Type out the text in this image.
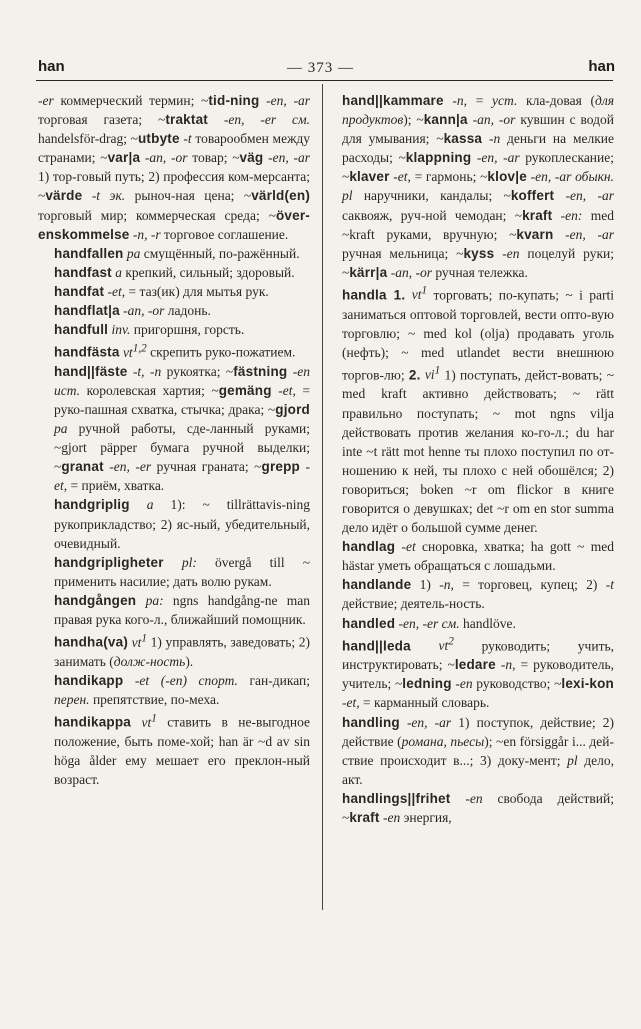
han	— 373 —	han
-er коммерческий термин; ~tid-ning -en, -ar торговая газета; ~traktat -en, -er см. handelsför-drag; ~utbyte -t товарообмен между странами; ~var|a -an, -or товар; ~väg -en, -ar 1) тор-говый путь; 2) профессия ком-мерсанта; ~värde -t эк. рыноч-ная цена; ~värld(en) торговый мир; коммерческая среда; ~över-enskommelse -n, -r торговое соглашение.
handfallen pa смущённый, по-ражённый.
handfast a крепкий, сильный; здоровый.
handfat -et, = таз(ик) для мытья рук.
handflat|a -an, -or ладонь.
handfull inv. пригоршня, горсть.
handfästa vt$^{1,2}$ скрепить руко-пожатием.
hand||fäste -t, -n рукоятка; ~fästning -en ист. королевская хартия; ~gemäng -et, = руко-пашная схватка, стычка; драка; ~gjord pa ручной работы, сде-ланный руками; ~gjort päpper бумага ручной выделки; ~granat -en, -er ручная граната; ~grepp -et, = приём, хватка.
handgriplig a 1): ~ tillrättavis-ning рукоприкладство; 2) яс-ный, убедительный, очевидный.
handgripligheter pl: övergå till ~ применить насилие; дать волю рукам.
handgången pa: ngns handgång-ne man правая рука кого-л., ближайший помощник.
handha(va) $vt^1$ 1) управлять, заведовать; 2) занимать (долж-ность).
handikapp -et (-en) спорт. ган-дикап; перен. препятствие, по-меха.
handikappa $vt^1$ ставить в не-выгодное положение, быть поме-хой; han är ~d av sin höga ålder ему мешает его преклон-ный возраст.
hand||kammare -n, = уст. кла-довая (для продуктов); ~kann|a -an, -or кувшин с водой для умывания; ~kassa -n деньги на мелкие расходы; ~klappning -en, -ar рукоплескание; ~klaver -et, = гармонь; ~klov|e -en, -ar обыкн. pl наручники, кандалы; ~koffert -en, -ar саквояж, руч-ной чемодан; ~kraft -en: med ~kraft руками, вручную; ~kvarn -en, -ar ручная мельница; ~kyss -en поцелуй руки; ~kärr|a -an, -or ручная тележка.
handla 1. $vt^1$ торговать; по-купать; ~ i parti заниматься оптовой торговлей, вести опто-вую торговлю; ~ med kol (olja) продавать уголь (нефть); ~ med utlandet вести внешнюю торгов-лю; 2. $vi^1$ 1) поступать, дейст-вовать; ~ med kraft активно действовать; ~ rätt правильно поступать; ~ mot ngns vilja действовать против желания ко-го-л.; du har inte ~t rätt mot henne ты плохо поступил по от-ношению к ней, ты плохо с ней обошёлся; 2) говориться; boken ~r om flickor в книге говорится о девушках; det ~r om en stor summa дело идёт о большой сумме денег.
handlag -et сноровка, хватка; ha gott ~ med hästar уметь обращаться с лошадьми.
handlande 1) -n, = торговец, купец; 2) -t действие; деятель-ность.
handled -en, -er см. handlöve.
hand||leda $vt^2$ руководить; учить, инструктировать; ~ledare -n, = руководитель, учитель; ~ledning -en руководство; ~lexi-kon -et, = карманный словарь.
handling -en, -ar 1) поступок, действие; 2) действие (романа, пьесы); ~en försiggår i... дей-ствие происходит в...; 3) доку-мент; pl дело, акт.
handlings||frihet -en свобода действий; ~kraft -en энергия,
